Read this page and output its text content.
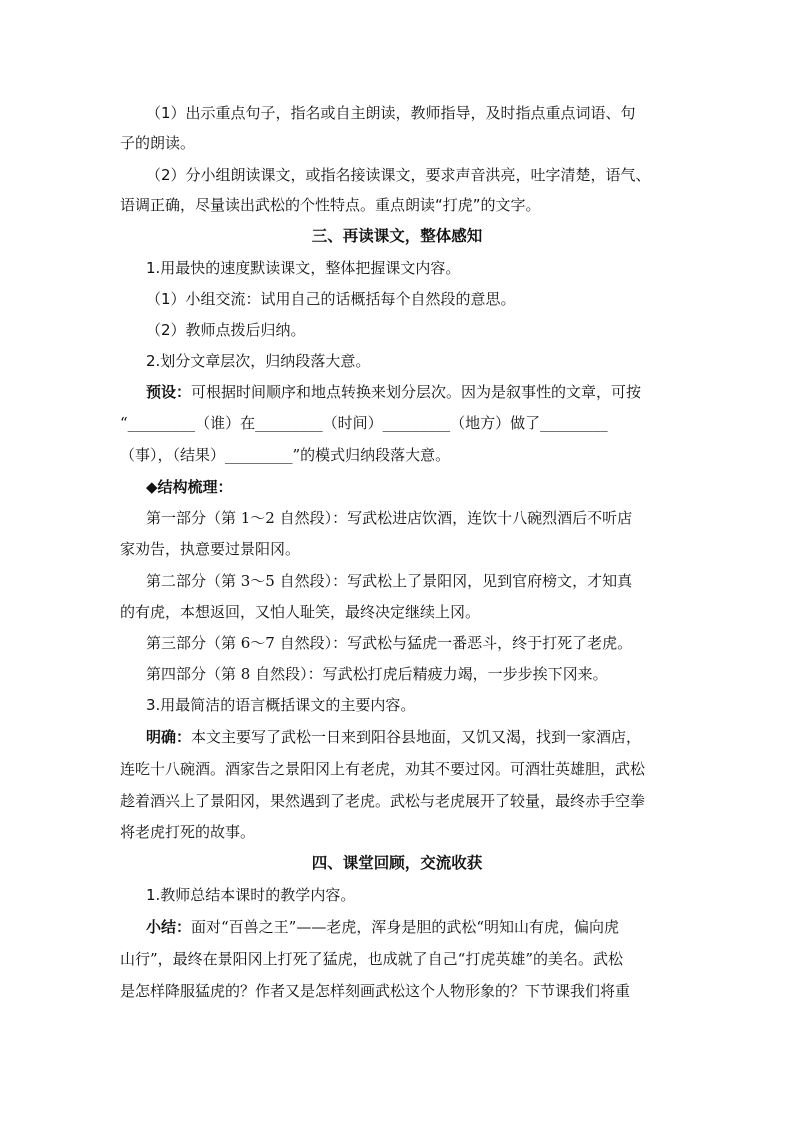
（1）出示重点句子，指名或自主朗读，教师指导，及时指点重点词语、句
子的朗读。
（2）分小组朗读课文，或指名接读课文，要求声音洪亮，吐字清楚，语气、
语调正确，尽量读出武松的个性特点。重点朗读“打虎”的文字。
三、再读课文，整体感知
1.用最快的速度默读课文，整体把握课文内容。
（1）小组交流：试用自己的话概括每个自然段的意思。
（2）教师点拨后归纳。
2.划分文章层次，归纳段落大意。
预设：可根据时间顺序和地点转换来划分层次。因为是叙事性的文章，可按
“_________（谁）在_________（时间）_________（地方）做了_________
（事），（结果）_________”的模式归纳段落大意。
◆结构梳理：
第一部分（第 1～2 自然段）：写武松进店饮酒，连饮十八碗烈酒后不听店
家劝告，执意要过景阳冈。
第二部分（第 3～5 自然段）：写武松上了景阳冈，见到官府榜文，才知真
的有虎，本想返回，又怕人耻笑，最终决定继续上冈。
第三部分（第 6～7 自然段）：写武松与猛虎一番恶斗，终于打死了老虎。
第四部分（第 8 自然段）：写武松打虎后精疲力竭，一步步挨下冈来。
3.用最简洁的语言概括课文的主要内容。
明确：本文主要写了武松一日来到阳谷县地面，又饥又渴，找到一家酒店，
连吃十八碗酒。酒家告之景阳冈上有老虎，劝其不要过冈。可酒壮英雄胆，武松
趁着酒兴上了景阳冈，果然遇到了老虎。武松与老虎展开了较量，最终赤手空拳
将老虎打死的故事。
四、课堂回顾，交流收获
1.教师总结本课时的教学内容。
小结：面对“百兽之王”——老虎，浑身是胆的武松“明知山有虎，偏向虎
山行”，最终在景阳冈上打死了猛虎，也成就了自己“打虎英雄”的美名。武松
是怎样降服猛虎的？作者又是怎样刻画武松这个人物形象的？下节课我们将重
